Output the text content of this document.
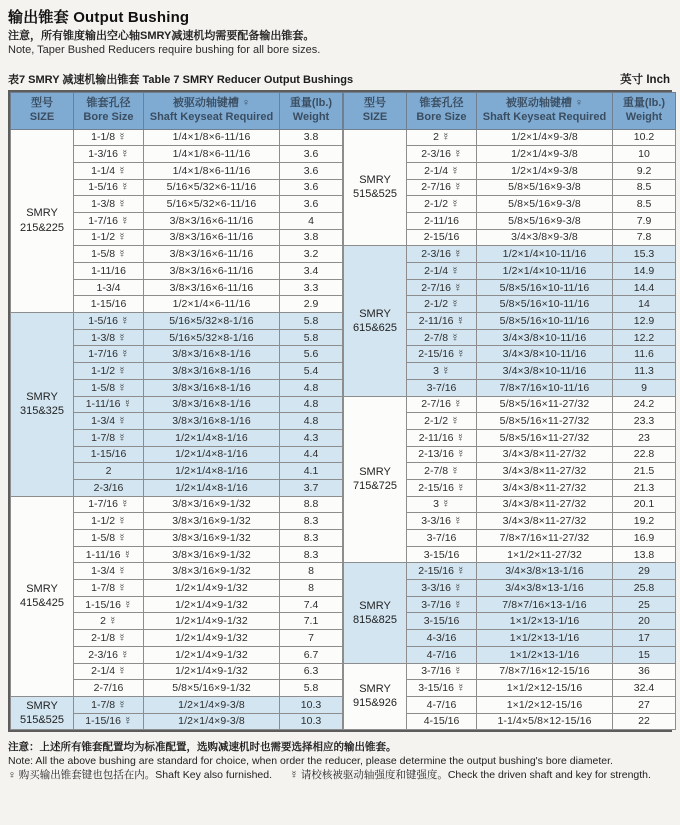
输出锥套 Output Bushing
注意，所有锥度输出空心轴SMRY减速机均需要配备输出锥套。
Note, Taper Bushed Reducers require bushing for all bore sizes.
表7 SMRY 减速机输出锥套 Table 7 SMRY Reducer Output Bushings	英寸 Inch
型号
SIZE	锥套孔径
Bore Size	被驱动轴键槽 ♀
Shaft Keyseat Required	重量(lb.)
Weight

SMRY
215&225	1-1/8 ☿	1/4×1/8×6-11/16	3.8
	1-3/16 ☿	1/4×1/8×6-11/16	3.6
	1-1/4 ☿	1/4×1/8×6-11/16	3.6
	1-5/16 ☿	5/16×5/32×6-11/16	3.6
	1-3/8 ☿	5/16×5/32×6-11/16	3.6
	1-7/16 ☿	3/8×3/16×6-11/16	4
	1-1/2 ☿	3/8×3/16×6-11/16	3.8
	1-5/8 ☿	3/8×3/16×6-11/16	3.2
	1-11/16	3/8×3/16×6-11/16	3.4
	1-3/4	3/8×3/16×6-11/16	3.3
	1-15/16	1/2×1/4×6-11/16	2.9

SMRY
315&325	1-5/16 ☿	5/16×5/32×8-1/16	5.8
	1-3/8 ☿	5/16×5/32×8-1/16	5.8
	1-7/16 ☿	3/8×3/16×8-1/16	5.6
	1-1/2 ☿	3/8×3/16×8-1/16	5.4
	1-5/8 ☿	3/8×3/16×8-1/16	4.8
	1-11/16 ☿	3/8×3/16×8-1/16	4.8
	1-3/4 ☿	3/8×3/16×8-1/16	4.8
	1-7/8 ☿	1/2×1/4×8-1/16	4.3
	1-15/16	1/2×1/4×8-1/16	4.4
	2	1/2×1/4×8-1/16	4.1
	2-3/16	1/2×1/4×8-1/16	3.7

SMRY
415&425	1-7/16 ☿	3/8×3/16×9-1/32	8.8
	1-1/2 ☿	3/8×3/16×9-1/32	8.3
	1-5/8 ☿	3/8×3/16×9-1/32	8.3
	1-11/16 ☿	3/8×3/16×9-1/32	8.3
	1-3/4 ☿	3/8×3/16×9-1/32	8
	1-7/8 ☿	1/2×1/4×9-1/32	8
	1-15/16 ☿	1/2×1/4×9-1/32	7.4
	2 ☿	1/2×1/4×9-1/32	7.1
	2-1/8 ☿	1/2×1/4×9-1/32	7
	2-3/16 ☿	1/2×1/4×9-1/32	6.7
	2-1/4 ☿	1/2×1/4×9-1/32	6.3
	2-7/16	5/8×5/16×9-1/32	5.8

SMRY
515&525	1-7/8 ☿	1/2×1/4×9-3/8	10.3
	1-15/16 ☿	1/2×1/4×9-3/8	10.3
型号
SIZE	锥套孔径
Bore Size	被驱动轴键槽 ♀
Shaft Keyseat Required	重量(lb.)
Weight

SMRY
515&525	2 ☿	1/2×1/4×9-3/8	10.2
	2-3/16 ☿	1/2×1/4×9-3/8	10
	2-1/4 ☿	1/2×1/4×9-3/8	9.2
	2-7/16 ☿	5/8×5/16×9-3/8	8.5
	2-1/2 ☿	5/8×5/16×9-3/8	8.5
	2-11/16	5/8×5/16×9-3/8	7.9
	2-15/16	3/4×3/8×9-3/8	7.8

SMRY
615&625	2-3/16 ☿	1/2×1/4×10-11/16	15.3
	2-1/4 ☿	1/2×1/4×10-11/16	14.9
	2-7/16 ☿	5/8×5/16×10-11/16	14.4
	2-1/2 ☿	5/8×5/16×10-11/16	14
	2-11/16 ☿	5/8×5/16×10-11/16	12.9
	2-7/8 ☿	3/4×3/8×10-11/16	12.2
	2-15/16 ☿	3/4×3/8×10-11/16	11.6
	3 ☿	3/4×3/8×10-11/16	11.3
	3-7/16	7/8×7/16×10-11/16	9

SMRY
715&725	2-7/16 ☿	5/8×5/16×11-27/32	24.2
	2-1/2 ☿	5/8×5/16×11-27/32	23.3
	2-11/16 ☿	5/8×5/16×11-27/32	23
	2-13/16 ☿	3/4×3/8×11-27/32	22.8
	2-7/8 ☿	3/4×3/8×11-27/32	21.5
	2-15/16 ☿	3/4×3/8×11-27/32	21.3
	3 ☿	3/4×3/8×11-27/32	20.1
	3-3/16 ☿	3/4×3/8×11-27/32	19.2
	3-7/16	7/8×7/16×11-27/32	16.9
	3-15/16	1×1/2×11-27/32	13.8

SMRY
815&825	2-15/16 ☿	3/4×3/8×13-1/16	29
	3-3/16 ☿	3/4×3/8×13-1/16	25.8
	3-7/16 ☿	7/8×7/16×13-1/16	25
	3-15/16	1×1/2×13-1/16	20
	4-3/16	1×1/2×13-1/16	17
	4-7/16	1×1/2×13-1/16	15

SMRY
915&926	3-7/16 ☿	7/8×7/16×12-15/16	36
	3-15/16 ☿	1×1/2×12-15/16	32.4
	4-7/16	1×1/2×12-15/16	27
	4-15/16	1-1/4×5/8×12-15/16	22
注意：上述所有锥套配置均为标准配置，选购减速机时也需要选择相应的输出锥套。
Note: All the above bushing are standard for choice, when order the reducer, please determine the output bushing's bore diameter.
♀ 购买输出锥套键也包括在内。Shaft Key also furnished. ☿ 请校核被驱动轴强度和键强度。Check the driven shaft and key for strength.
